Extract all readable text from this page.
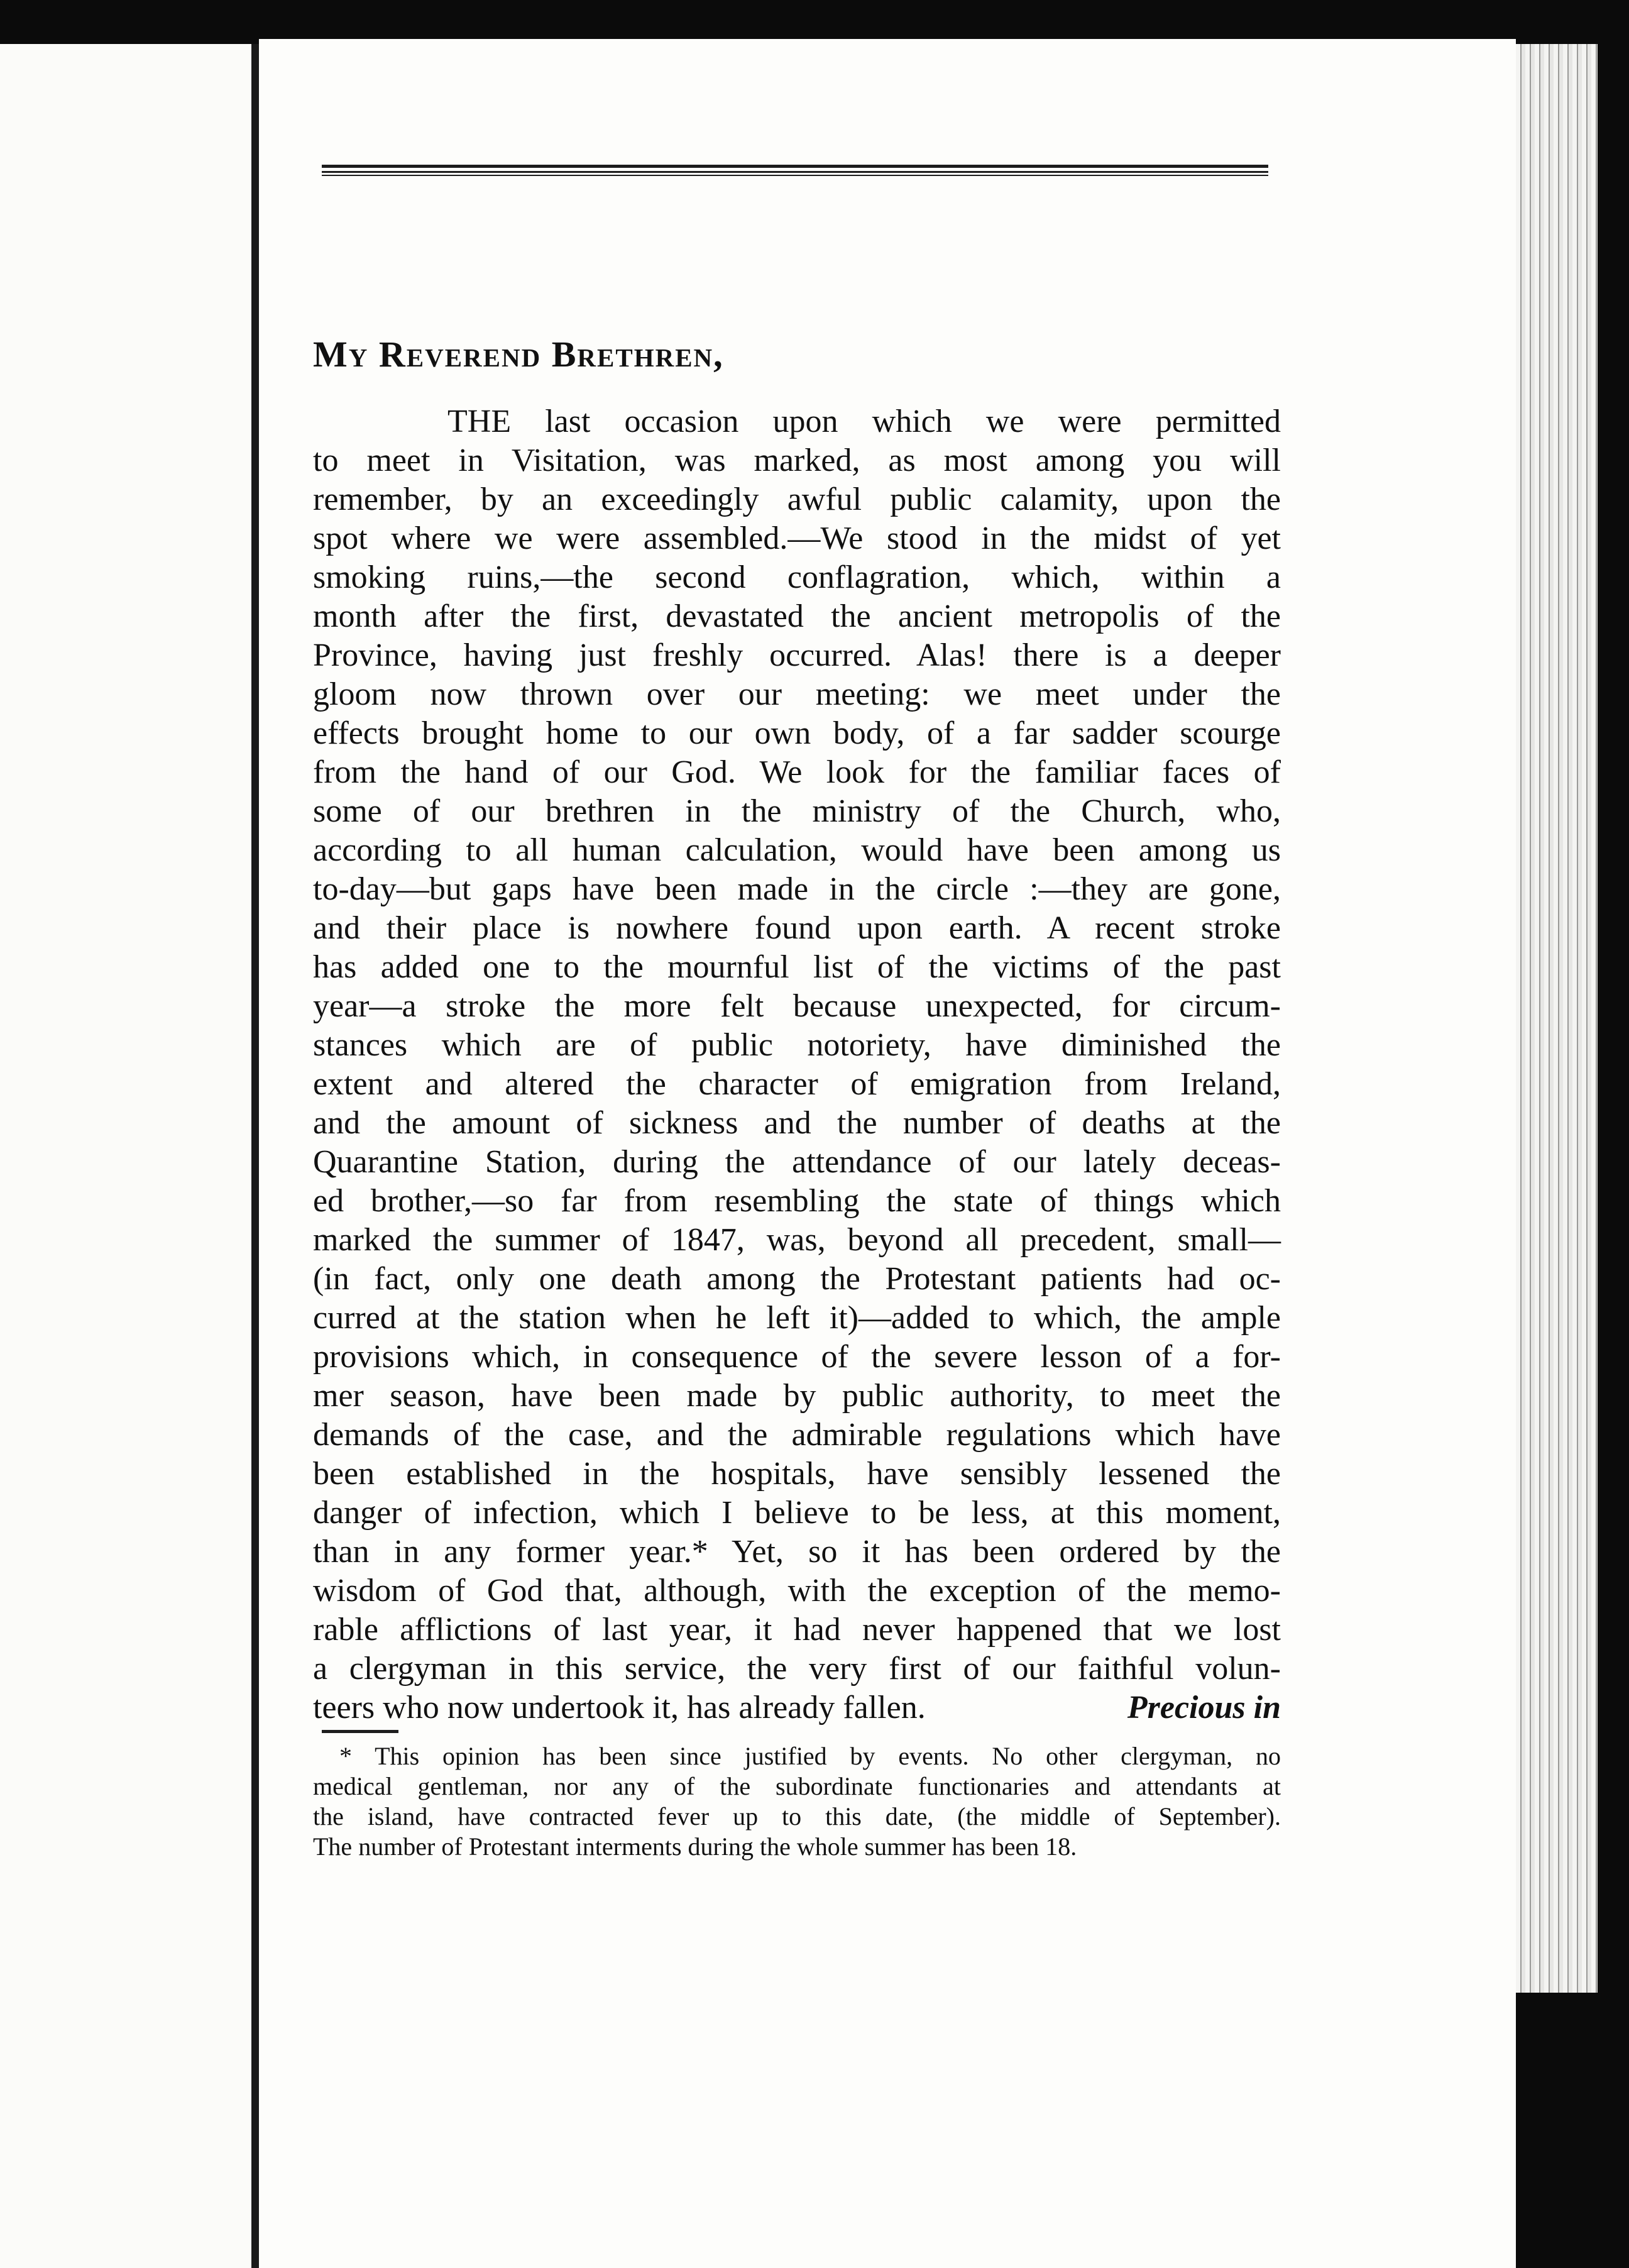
My Reverend Brethren,
THE last occasion upon which we were permitted
to meet in Visitation, was marked, as most among you will
remember, by an exceedingly awful public calamity, upon the
spot where we were assembled.—We stood in the midst of yet
smoking ruins,—the second conflagration, which, within a
month after the first, devastated the ancient metropolis of the
Province, having just freshly occurred. Alas! there is a deeper
gloom now thrown over our meeting: we meet under the
effects brought home to our own body, of a far sadder scourge
from the hand of our God. We look for the familiar faces of
some of our brethren in the ministry of the Church, who,
according to all human calculation, would have been among us
to-day—but gaps have been made in the circle :—they are gone,
and their place is nowhere found upon earth. A recent stroke
has added one to the mournful list of the victims of the past
year—a stroke the more felt because unexpected, for circum-
stances which are of public notoriety, have diminished the
extent and altered the character of emigration from Ireland,
and the amount of sickness and the number of deaths at the
Quarantine Station, during the attendance of our lately deceas-
ed brother,—so far from resembling the state of things which
marked the summer of 1847, was, beyond all precedent, small—
(in fact, only one death among the Protestant patients had oc-
curred at the station when he left it)—added to which, the ample
provisions which, in consequence of the severe lesson of a for-
mer season, have been made by public authority, to meet the
demands of the case, and the admirable regulations which have
been established in the hospitals, have sensibly lessened the
danger of infection, which I believe to be less, at this moment,
than in any former year.* Yet, so it has been ordered by the
wisdom of God that, although, with the exception of the memo-
rable afflictions of last year, it had never happened that we lost
a clergyman in this service, the very first of our faithful volun-
teers who now undertook it, has already fallen.	Precious in
* This opinion has been since justified by events. No other clergyman, no
medical gentleman, nor any of the subordinate functionaries and attendants at
the island, have contracted fever up to this date, (the middle of September).
The number of Protestant interments during the whole summer has been 18.
